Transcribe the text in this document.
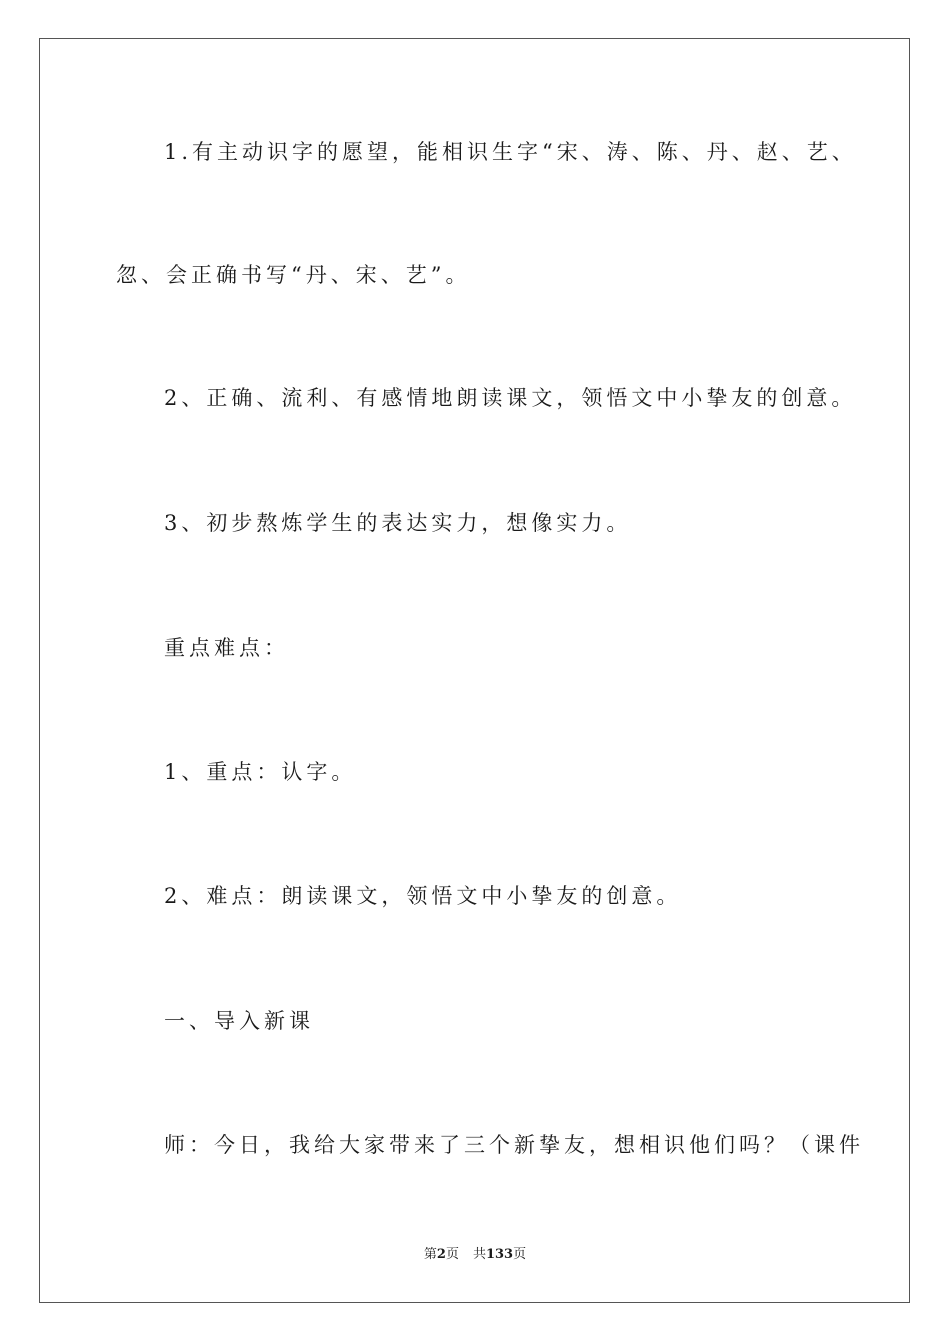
1.有主动识字的愿望，能相识生字“宋、涛、陈、丹、赵、艺、
忽、会正确书写“丹、宋、艺”。
2、正确、流利、有感情地朗读课文，领悟文中小挚友的创意。
3、初步熬炼学生的表达实力，想像实力。
重点难点：
1、重点：认字。
2、难点：朗读课文，领悟文中小挚友的创意。
一、导入新课
师：今日，我给大家带来了三个新挚友，想相识他们吗？（课件
第2页 共133页
